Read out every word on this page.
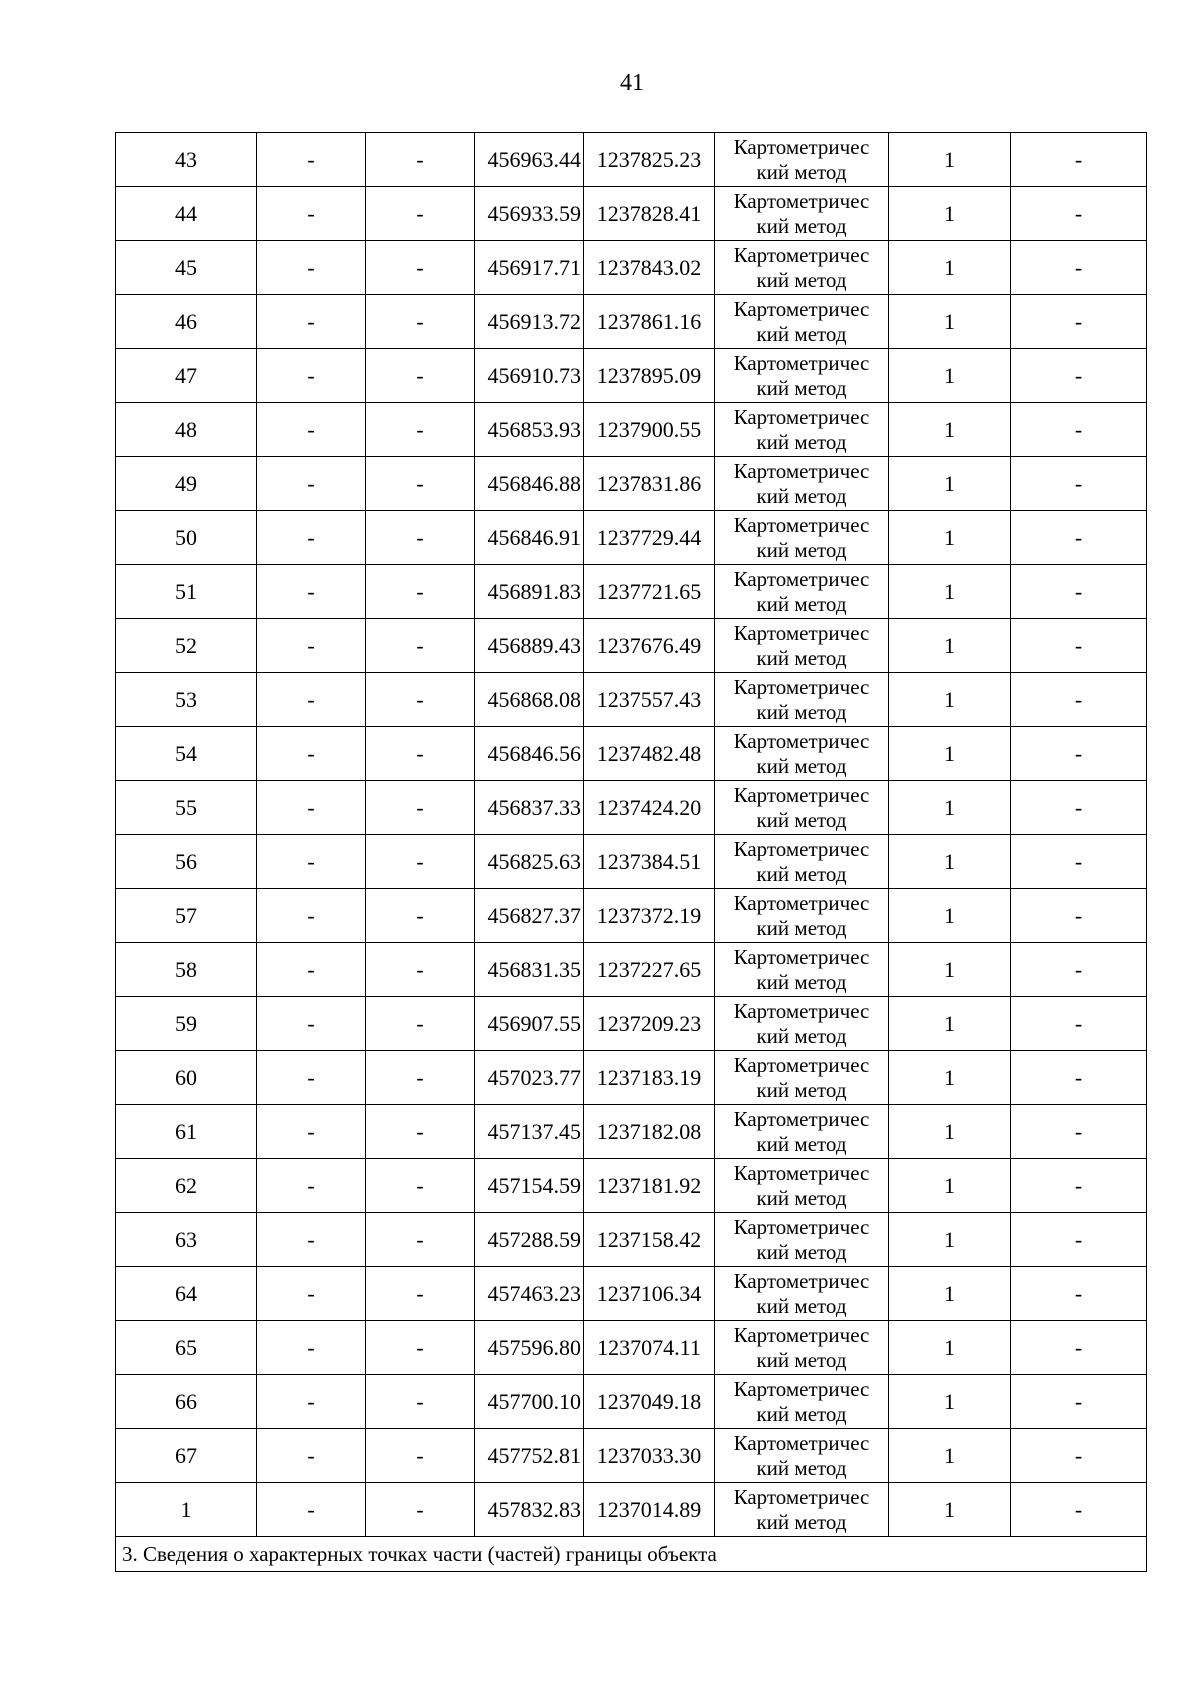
41
43	-	-	456963.44	1237825.23	Картометричес
кий метод	1	-
44	-	-	456933.59	1237828.41	Картометричес
кий метод	1	-
45	-	-	456917.71	1237843.02	Картометричес
кий метод	1	-
46	-	-	456913.72	1237861.16	Картометричес
кий метод	1	-
47	-	-	456910.73	1237895.09	Картометричес
кий метод	1	-
48	-	-	456853.93	1237900.55	Картометричес
кий метод	1	-
49	-	-	456846.88	1237831.86	Картометричес
кий метод	1	-
50	-	-	456846.91	1237729.44	Картометричес
кий метод	1	-
51	-	-	456891.83	1237721.65	Картометричес
кий метод	1	-
52	-	-	456889.43	1237676.49	Картометричес
кий метод	1	-
53	-	-	456868.08	1237557.43	Картометричес
кий метод	1	-
54	-	-	456846.56	1237482.48	Картометричес
кий метод	1	-
55	-	-	456837.33	1237424.20	Картометричес
кий метод	1	-
56	-	-	456825.63	1237384.51	Картометричес
кий метод	1	-
57	-	-	456827.37	1237372.19	Картометричес
кий метод	1	-
58	-	-	456831.35	1237227.65	Картометричес
кий метод	1	-
59	-	-	456907.55	1237209.23	Картометричес
кий метод	1	-
60	-	-	457023.77	1237183.19	Картометричес
кий метод	1	-
61	-	-	457137.45	1237182.08	Картометричес
кий метод	1	-
62	-	-	457154.59	1237181.92	Картометричес
кий метод	1	-
63	-	-	457288.59	1237158.42	Картометричес
кий метод	1	-
64	-	-	457463.23	1237106.34	Картометричес
кий метод	1	-
65	-	-	457596.80	1237074.11	Картометричес
кий метод	1	-
66	-	-	457700.10	1237049.18	Картометричес
кий метод	1	-
67	-	-	457752.81	1237033.30	Картометричес
кий метод	1	-
1	-	-	457832.83	1237014.89	Картометричес
кий метод	1	-
3. Сведения о характерных точках части (частей) границы объекта							
